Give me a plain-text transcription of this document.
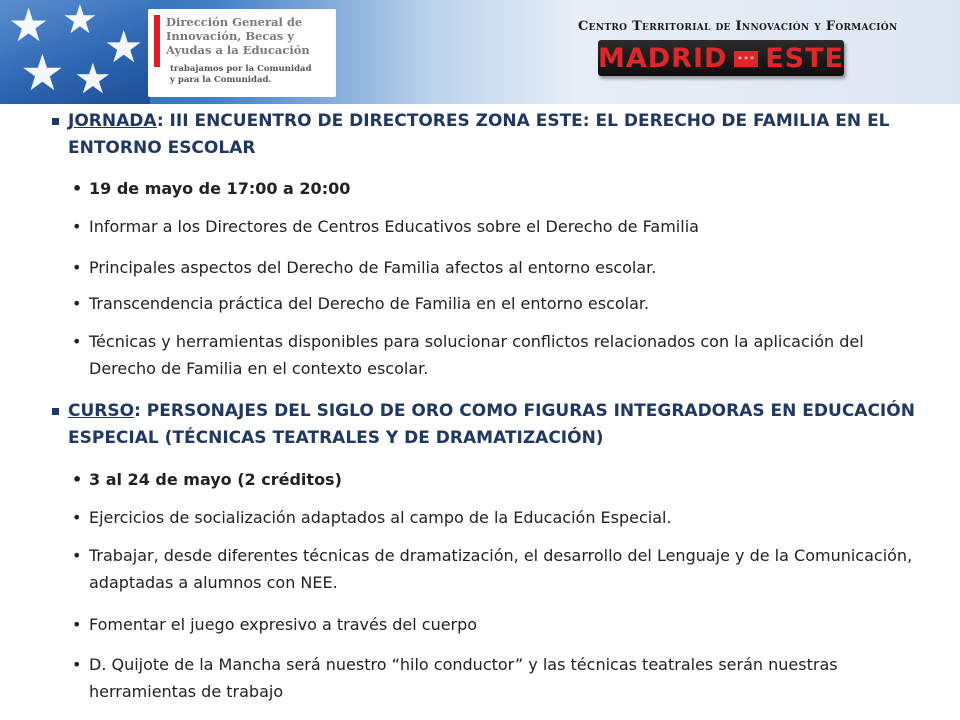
★ ★
★
★ ★
Dirección General de
Innovación, Becas y
Ayudas a la Educación
trabajamos por la Comunidad
y para la Comunidad.
Centro Territorial de Innovación y Formación
MADRID ✶✶✶ ESTE
JORNADA: III ENCUENTRO DE DIRECTORES ZONA ESTE: EL DERECHO DE FAMILIA EN EL ENTORNO ESCOLAR
• 19 de mayo de 17:00 a 20:00
• Informar a los Directores de Centros Educativos sobre el Derecho de Familia
• Principales aspectos del Derecho de Familia afectos al entorno escolar.
• Transcendencia práctica del Derecho de Familia en el entorno escolar.
• Técnicas y herramientas disponibles para solucionar conflictos relacionados con la aplicación del Derecho de Familia en el contexto escolar.
CURSO: PERSONAJES DEL SIGLO DE ORO COMO FIGURAS INTEGRADORAS EN EDUCACIÓN ESPECIAL (TÉCNICAS TEATRALES Y DE DRAMATIZACIÓN)
• 3 al 24 de mayo (2 créditos)
• Ejercicios de socialización adaptados al campo de la Educación Especial.
• Trabajar, desde diferentes técnicas de dramatización, el desarrollo del Lenguaje y de la Comunicación, adaptadas a alumnos con NEE.
• Fomentar el juego expresivo a través del cuerpo
• D. Quijote de la Mancha será nuestro “hilo conductor” y las técnicas teatrales serán nuestras herramientas de trabajo
